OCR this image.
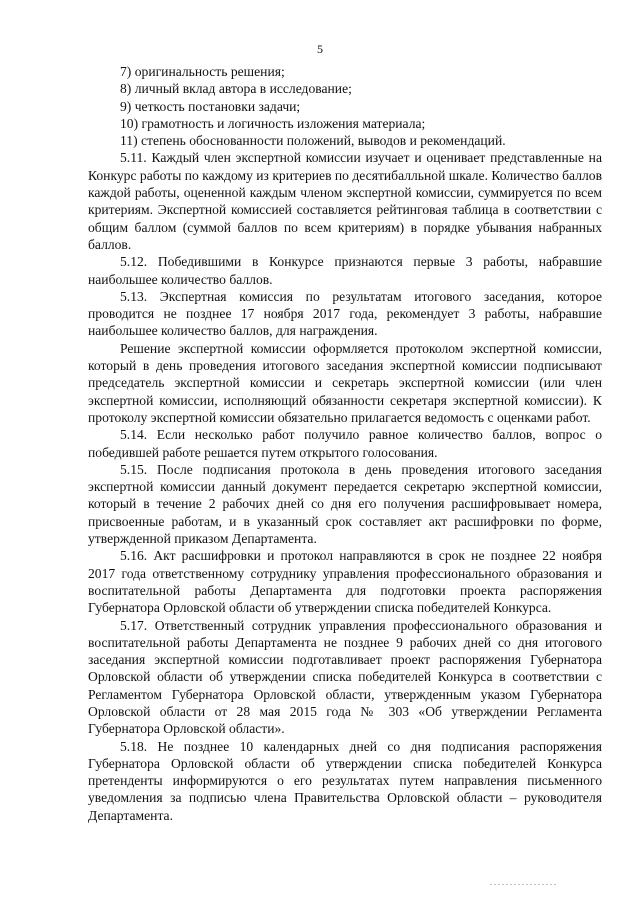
5

7) оригинальность решения;

8) личный вклад автора в исследование;

9) четкость постановки задачи;

10) грамотность и логичность изложения материала;

11) степень обоснованности положений, выводов и рекомендаций.

5.11. Каждый член экспертной комиссии изучает и оценивает представленные на Конкурс работы по каждому из критериев по десятибалльной шкале. Количество баллов каждой работы, оцененной каждым членом экспертной комиссии, суммируется по всем критериям. Экспертной комиссией составляется рейтинговая таблица в соответствии с общим баллом (суммой баллов по всем критериям) в порядке убывания набранных баллов.

5.12. Победившими в Конкурсе признаются первые 3 работы, набравшие наибольшее количество баллов.

5.13. Экспертная комиссия по результатам итогового заседания, которое проводится не позднее 17 ноября 2017 года, рекомендует 3 работы, набравшие наибольшее количество баллов, для награждения.

Решение экспертной комиссии оформляется протоколом экспертной комиссии, который в день проведения итогового заседания экспертной комиссии подписывают председатель экспертной комиссии и секретарь экспертной комиссии (или член экспертной комиссии, исполняющий обязанности секретаря экспертной комиссии). К протоколу экспертной комиссии обязательно прилагается ведомость с оценками работ.

5.14. Если несколько работ получило равное количество баллов, вопрос о победившей работе решается путем открытого голосования.

5.15. После подписания протокола в день проведения итогового заседания экспертной комиссии данный документ передается секретарю экспертной комиссии, который в течение 2 рабочих дней со дня его получения расшифровывает номера, присвоенные работам, и в указанный срок составляет акт расшифровки по форме, утвержденной приказом Департамента.

5.16. Акт расшифровки и протокол направляются в срок не позднее 22 ноября 2017 года ответственному сотруднику управления профессионального образования и воспитательной работы Департамента для подготовки проекта распоряжения Губернатора Орловской области об утверждении списка победителей Конкурса.

5.17. Ответственный сотрудник управления профессионального образования и воспитательной работы Департамента не позднее 9 рабочих дней со дня итогового заседания экспертной комиссии подготавливает проект распоряжения Губернатора Орловской области об утверждении списка победителей Конкурса в соответствии с Регламентом Губернатора Орловской области, утвержденным указом Губернатора Орловской области от 28 мая 2015 года № 303 «Об утверждении Регламента Губернатора Орловской области».

5.18. Не позднее 10 календарных дней со дня подписания распоряжения Губернатора Орловской области об утверждении списка победителей Конкурса претенденты информируются о его результатах путем направления письменного уведомления за подписью члена Правительства Орловской области – руководителя Департамента.
